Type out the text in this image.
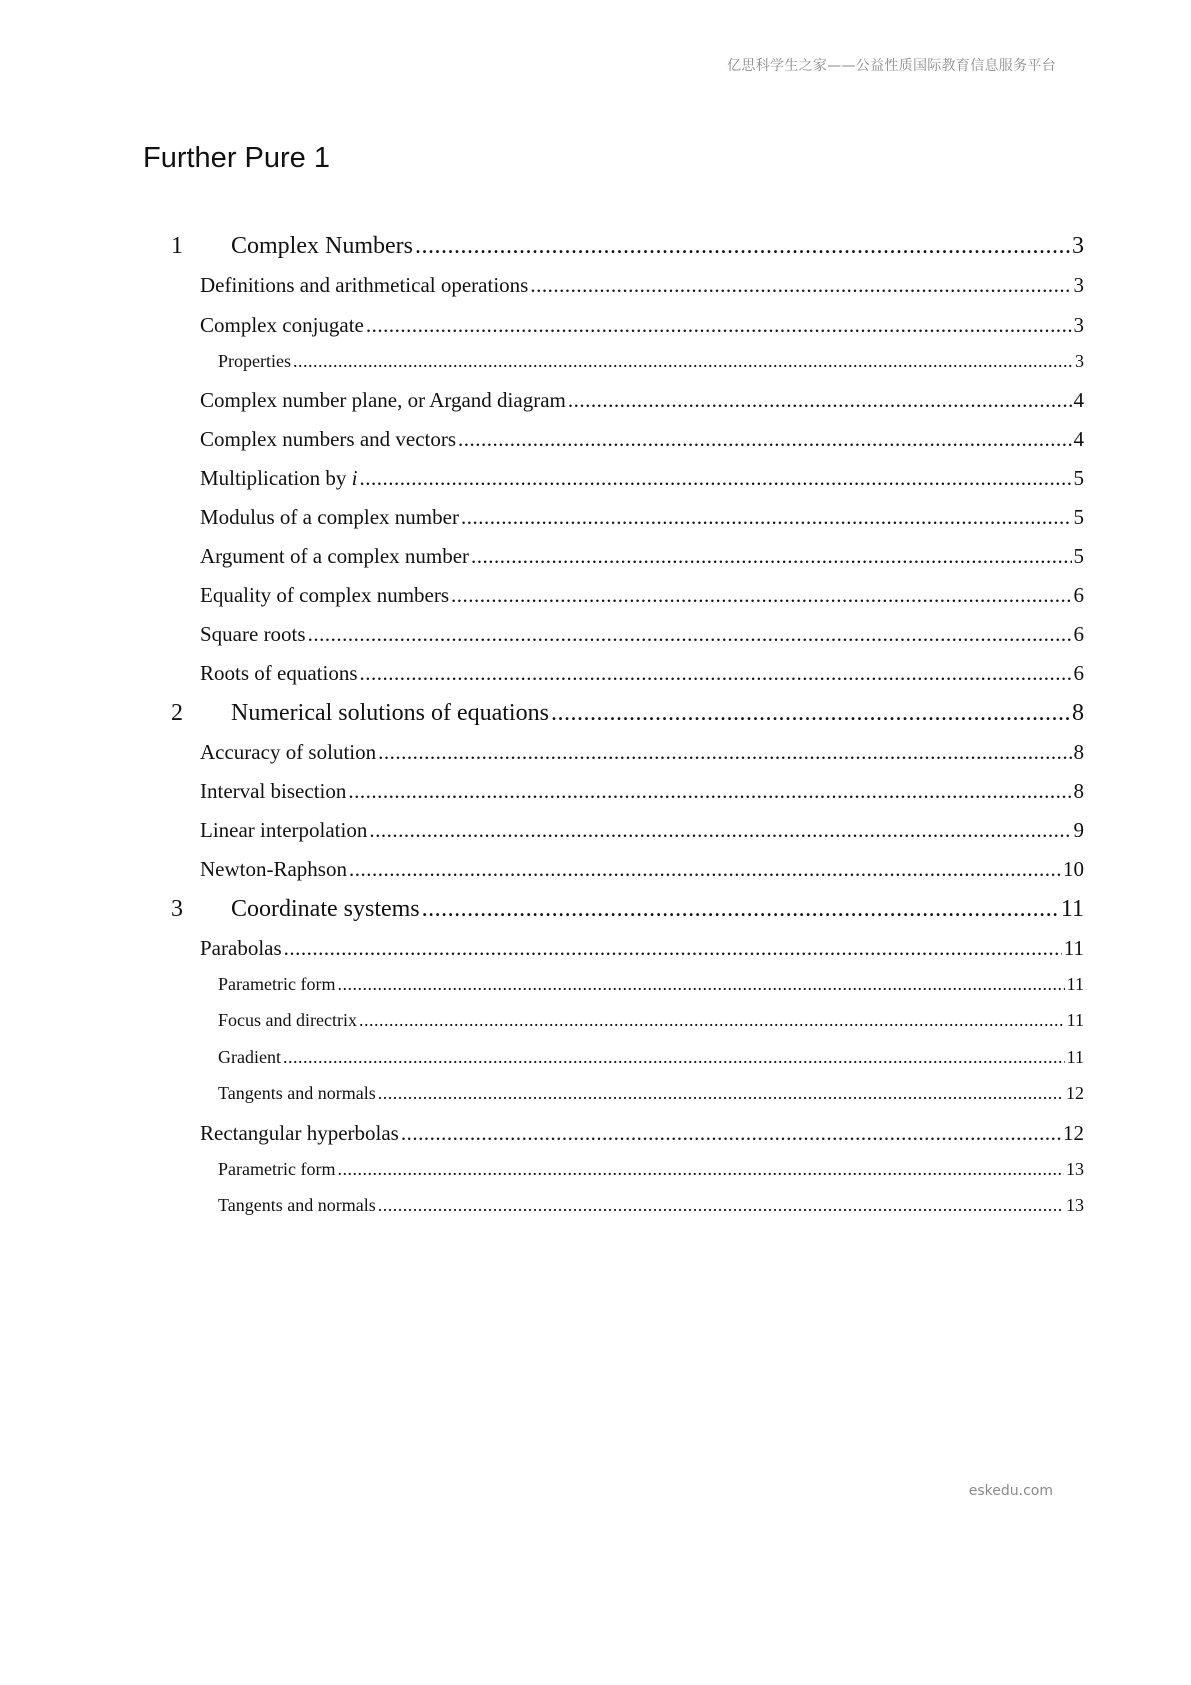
亿思科学生之家——公益性质国际教育信息服务平台
Further Pure 1
1	Complex Numbers .....	3
Definitions and arithmetical operations .....	3
Complex conjugate .....	3
Properties .....	3
Complex number plane, or Argand diagram .....	4
Complex numbers and vectors .....	4
Multiplication by i .....	5
Modulus of a complex number .....	5
Argument of a complex number .....	5
Equality of complex numbers .....	6
Square roots .....	6
Roots of equations .....	6
2	Numerical solutions of equations .....	8
Accuracy of solution .....	8
Interval bisection .....	8
Linear interpolation .....	9
Newton-Raphson .....	10
3	Coordinate systems .....	11
Parabolas .....	11
Parametric form .....	11
Focus and directrix .....	11
Gradient .....	11
Tangents and normals .....	12
Rectangular hyperbolas .....	12
Parametric form .....	13
Tangents and normals .....	13
eskedu.com
